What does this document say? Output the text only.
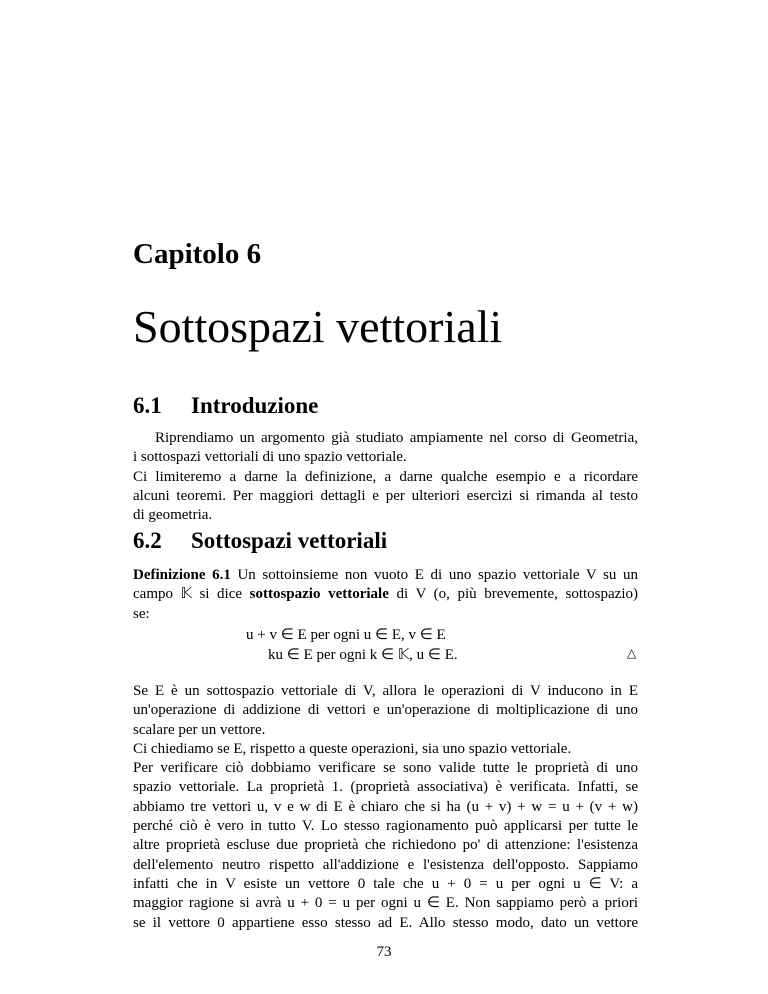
Capitolo 6
Sottospazi vettoriali
6.1 Introduzione
Riprendiamo un argomento già studiato ampiamente nel corso di Geometria,
i sottospazi vettoriali di uno spazio vettoriale.
Ci limiteremo a darne la definizione, a darne qualche esempio e a ricordare
alcuni teoremi. Per maggiori dettagli e per ulteriori esercizi si rimanda al testo
di geometria.
6.2 Sottospazi vettoriali
Definizione 6.1 Un sottoinsieme non vuoto E di uno spazio vettoriale V su un
campo 𝕂 si dice sottospazio vettoriale di V (o, più brevemente, sottospazio)
se:
u + v ∈ E per ogni u ∈ E, v ∈ E
ku ∈ E per ogni k ∈ 𝕂, u ∈ E.	△
Se E è un sottospazio vettoriale di V, allora le operazioni di V inducono in E
un'operazione di addizione di vettori e un'operazione di moltiplicazione di uno
scalare per un vettore.
Ci chiediamo se E, rispetto a queste operazioni, sia uno spazio vettoriale.
Per verificare ciò dobbiamo verificare se sono valide tutte le proprietà di uno
spazio vettoriale. La proprietà 1. (proprietà associativa) è verificata. Infatti, se
abbiamo tre vettori u, v e w di E è chiaro che si ha (u + v) + w = u + (v + w)
perché ciò è vero in tutto V. Lo stesso ragionamento può applicarsi per tutte le
altre proprietà escluse due proprietà che richiedono po' di attenzione: l'esistenza
dell'elemento neutro rispetto all'addizione e l'esistenza dell'opposto. Sappiamo
infatti che in V esiste un vettore 0 tale che u + 0 = u per ogni u ∈ V: a
maggior ragione si avrà u + 0 = u per ogni u ∈ E. Non sappiamo però a priori
se il vettore 0 appartiene esso stesso ad E. Allo stesso modo, dato un vettore
73
